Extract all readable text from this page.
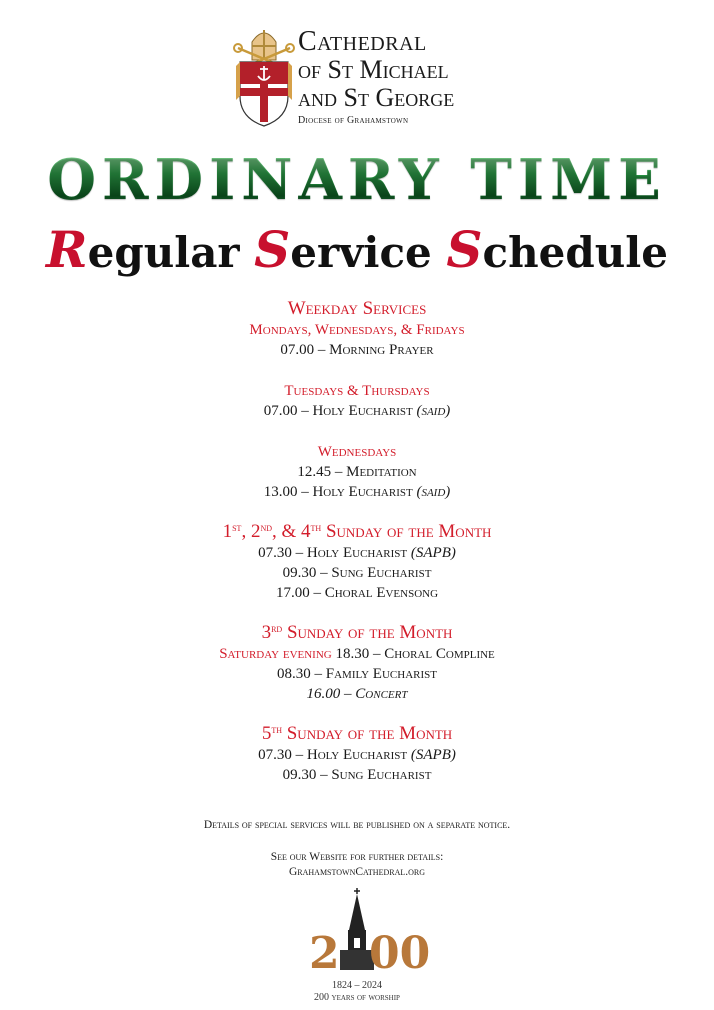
Cathedral
of St Michael
and St George
Diocese of Grahamstown
ORDINARY TIME
Regular Service Schedule
Weekday Services
Mondays, Wednesdays, & Fridays
07.00 – Morning Prayer
Tuesdays & Thursdays
07.00 – Holy Eucharist (said)
Wednesdays
12.45 – Meditation
13.00 – Holy Eucharist (said)
1st, 2nd, & 4th Sunday of the Month
07.30 – Holy Eucharist (SAPB)
09.30 – Sung Eucharist
17.00 – Choral Evensong
3rd Sunday of the Month
Saturday evening 18.30 – Choral Compline
08.30 – Family Eucharist
16.00 – Concert
5th Sunday of the Month
07.30 – Holy Eucharist (SAPB)
09.30 – Sung Eucharist
Details of special services will be published on a separate notice.
See our Website for further details:
GrahamstownCathedral.org
2 00
1824 – 2024
200 years of worship
